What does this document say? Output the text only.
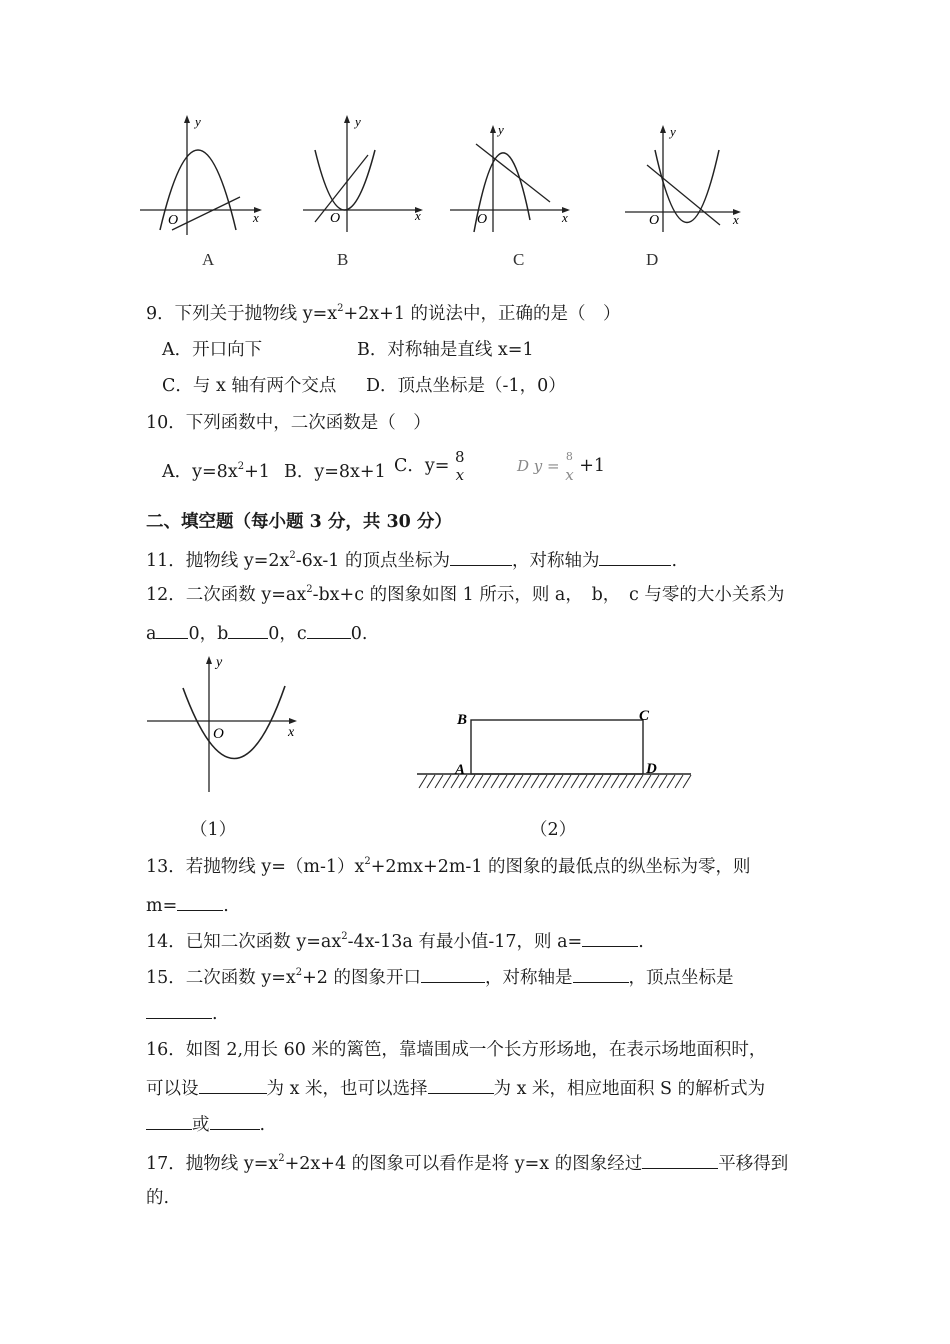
y
x
O
A
y
x
O
B
y
x
O
C
y
x
O
D
9．下列关于抛物线 $y=x^2+2x+1$ 的说法中，正确的是（　）
A．开口向下	B．对称轴是直线 x=1
C．与 x 轴有两个交点 D．顶点坐标是（-1，0）
10．下列函数中，二次函数是（　）
A．$y=8x^2+1$ B．y=8x+1 C．y= 8
x	D y =
8
x +1
二、填空题（每小题 3 分，共 30 分）
11．抛物线 $y=2x^2-6x-1$ 的顶点坐标为	，对称轴为	.
12．二次函数 $y=ax^2-bx+c$ 的图象如图 1 所示，则 a，　b，　c 与零的大小关系为
a 0，b 0，c	0.
y
x
O
B	C
A	D
（1）	（2）
13．若抛物线 $y=(m-1)x^2+2mx+2m-1$ 的图象的最低点的纵坐标为零，则
m=	.
14．已知二次函数 $y=ax^2-4x-13a$ 有最小值-17，则 a=	.
15．二次函数 $y=x^2+2$ 的图象开口	，对称轴是	，顶点坐标是
.
16．如图 2,用长 60 米的篱笆，靠墙围成一个长方形场地，在表示场地面积时，
可以设	为 x 米，也可以选择	为 x 米，相应地面积 S 的解析式为
或	.
17．抛物线 $y=x^2+2x+4$ 的图象可以看作是将 y=x 的图象经过	平移得到
的.
